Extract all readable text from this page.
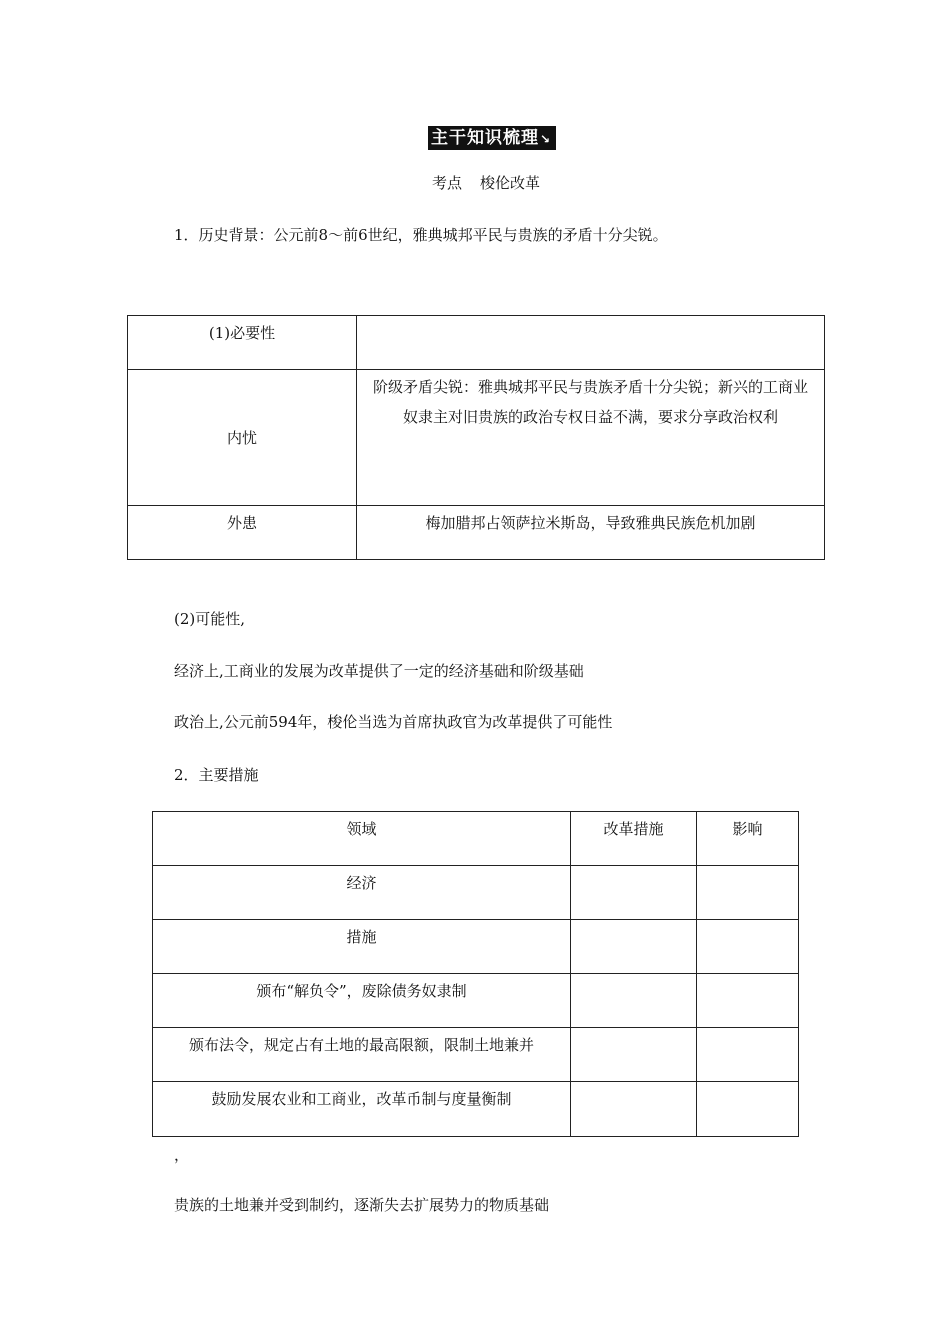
主干知识梳理↘
考点 梭伦改革
1．历史背景：公元前8～前6世纪，雅典城邦平民与贵族的矛盾十分尖锐。
(1)必要性	
内忧	阶级矛盾尖锐：雅典城邦平民与贵族矛盾十分尖锐；新兴的工商业奴隶主对旧贵族的政治专权日益不满，要求分享政治权利
外患	梅加腊邦占领萨拉米斯岛，导致雅典民族危机加剧
(2)可能性,
经济上,工商业的发展为改革提供了一定的经济基础和阶级基础
政治上,公元前594年，梭伦当选为首席执政官为改革提供了可能性
2．主要措施
领域	改革措施	影响
经济		
措施		
颁布“解负令”，废除债务奴隶制		
颁布法令，规定占有土地的最高限额，限制土地兼并		
鼓励发展农业和工商业，改革币制与度量衡制		
，
贵族的土地兼并受到制约，逐渐失去扩展势力的物质基础
